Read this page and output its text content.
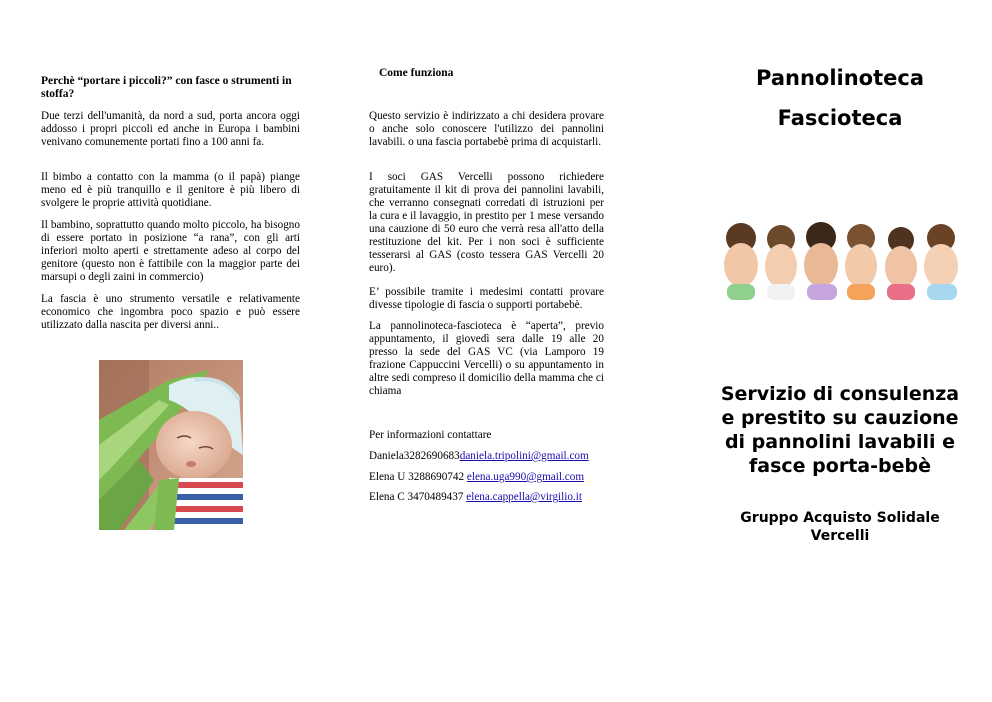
Perchè “portare i piccoli?” con fasce o strumenti in stoffa?

Due terzi dell'umanità, da nord a sud, porta ancora oggi addosso i propri piccoli ed anche in Europa i bambini venivano comunemente portati fino a 100 anni fa.

Il bimbo a contatto con la mamma (o il papà) piange meno ed è più tranquillo e il genitore è più libero di svolgere le proprie attività quotidiane.

Il bambino, soprattutto quando molto piccolo, ha bisogno di essere portato in posizione “a rana”, con gli arti inferiori molto aperti e strettamente adeso al corpo del genitore (questo non è fattibile con la maggior parte dei marsupi o degli zaini in commercio)

La fascia è uno strumento versatile e relativamente economico che ingombra poco spazio e può essere utilizzato dalla nascita per diversi anni..

Come funziona

Questo servizio è indirizzato a chi desidera provare o anche solo conoscere l'utilizzo dei pannolini lavabili. o una fascia portabebè prima di acquistarli.

I soci GAS Vercelli possono richiedere gratuitamente il kit di prova dei pannolini lavabili, che verranno consegnati corredati di istruzioni per la cura e il lavaggio, in prestito per 1 mese versando una cauzione di 50 euro che verrà resa all'atto della restituzione del kit. Per i non soci è sufficiente tesserarsi al GAS (costo tessera GAS Vercelli 20 euro).

E’ possibile tramite i medesimi contatti provare divesse tipologie di fascia o supporti portabebè.

La pannolinoteca-fascioteca è “aperta”, previo appuntamento, il giovedì sera dalle 19 alle 20 presso la sede del GAS VC (via Lamporo 19 frazione Cappuccini Vercelli) o su appuntamento in altre sedi compreso il domicilio della mamma che ci chiama

Per informazioni contattare

Daniela3282690683daniela.tripolini@gmail.com

Elena U 3288690742 elena.uga990@gmail.com

Elena C 3470489437 elena.cappella@virgilio.it

Pannolinoteca

Fascioteca

Servizio di consulenza
e prestito su cauzione
di pannolini lavabili e
fasce porta-bebè
Gruppo Acquisto Solidale
Vercelli
